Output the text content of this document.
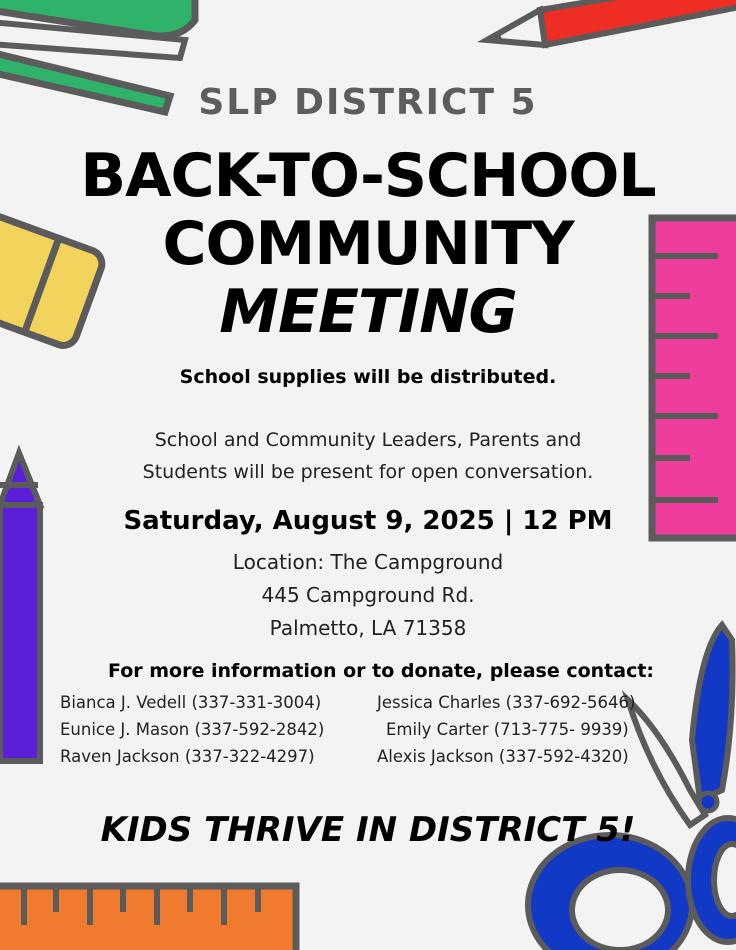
SLP DISTRICT 5
BACK-TO-SCHOOL
COMMUNITY
MEETING
School supplies will be distributed.
School and Community Leaders, Parents and
Students will be present for open conversation.
Saturday, August 9, 2025 | 12 PM
Location: The Campground
445 Campground Rd.
Palmetto, LA 71358
For more information or to donate, please contact:
Bianca J. Vedell (337-331-3004)
Eunice J. Mason (337-592-2842)
Raven Jackson (337-322-4297)
Jessica Charles (337-692-5646)
Emily Carter (713-775- 9939)
Alexis Jackson (337-592-4320)
KIDS THRIVE IN DISTRICT 5!
